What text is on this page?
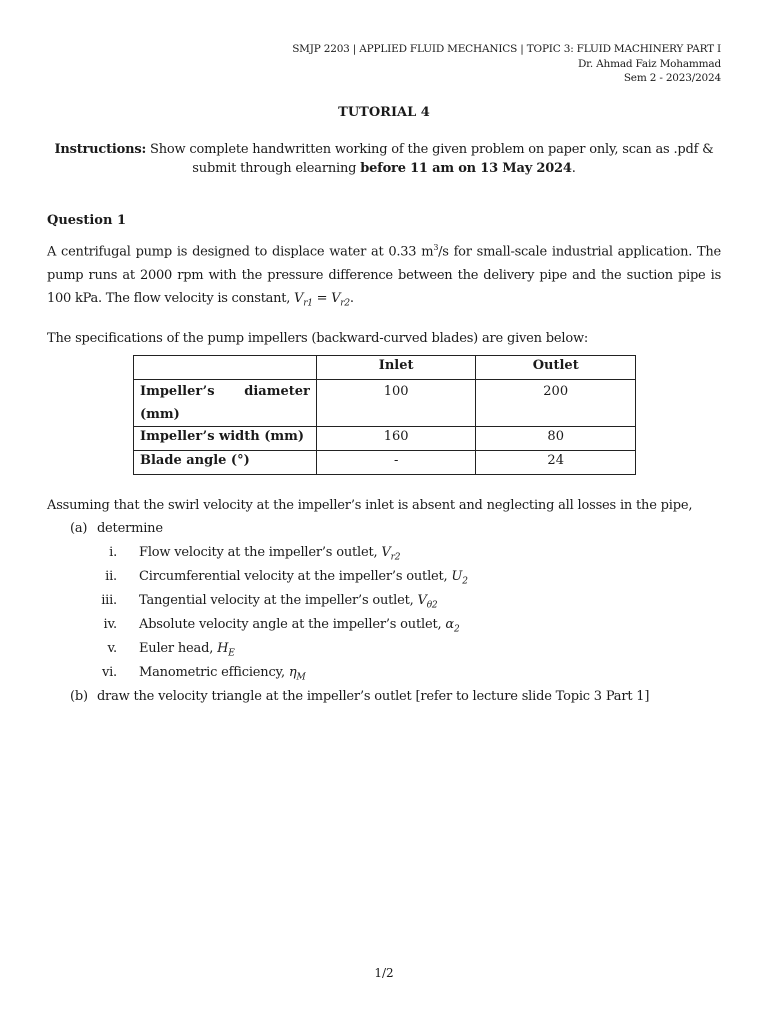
SMJP 2203 | APPLIED FLUID MECHANICS | TOPIC 3: FLUID MACHINERY PART I
Dr. Ahmad Faiz Mohammad
Sem 2 - 2023/2024
TUTORIAL 4
Instructions: Show complete handwritten working of the given problem on paper only, scan as .pdf & submit through elearning before 11 am on 13 May 2024.
Question 1
A centrifugal pump is designed to displace water at 0.33 $m^3/s$ for small-scale industrial application. The pump runs at 2000 rpm with the pressure difference between the delivery pipe and the suction pipe is 100 kPa. The flow velocity is constant, $V_{r1} = V_{r2}$.
The specifications of the pump impellers (backward-curved blades) are given below:
	Inlet	Outlet

Impeller’s diameter
(mm)	100	200
Impeller’s width (mm)	160	80
Blade angle (°)	-	24
Assuming that the swirl velocity at the impeller’s inlet is absent and neglecting all losses in the pipe,
(a) determine
i. Flow velocity at the impeller’s outlet, $V_{r2}$
ii. Circumferential velocity at the impeller’s outlet, $U_2$
iii. Tangential velocity at the impeller’s outlet, $V_{\theta 2}$
iv. Absolute velocity angle at the impeller’s outlet, $\alpha_2$
v. Euler head, $H_E$
vi. Manometric efficiency, $\eta_M$
(b) draw the velocity triangle at the impeller’s outlet [refer to lecture slide Topic 3 Part 1]
1/2
